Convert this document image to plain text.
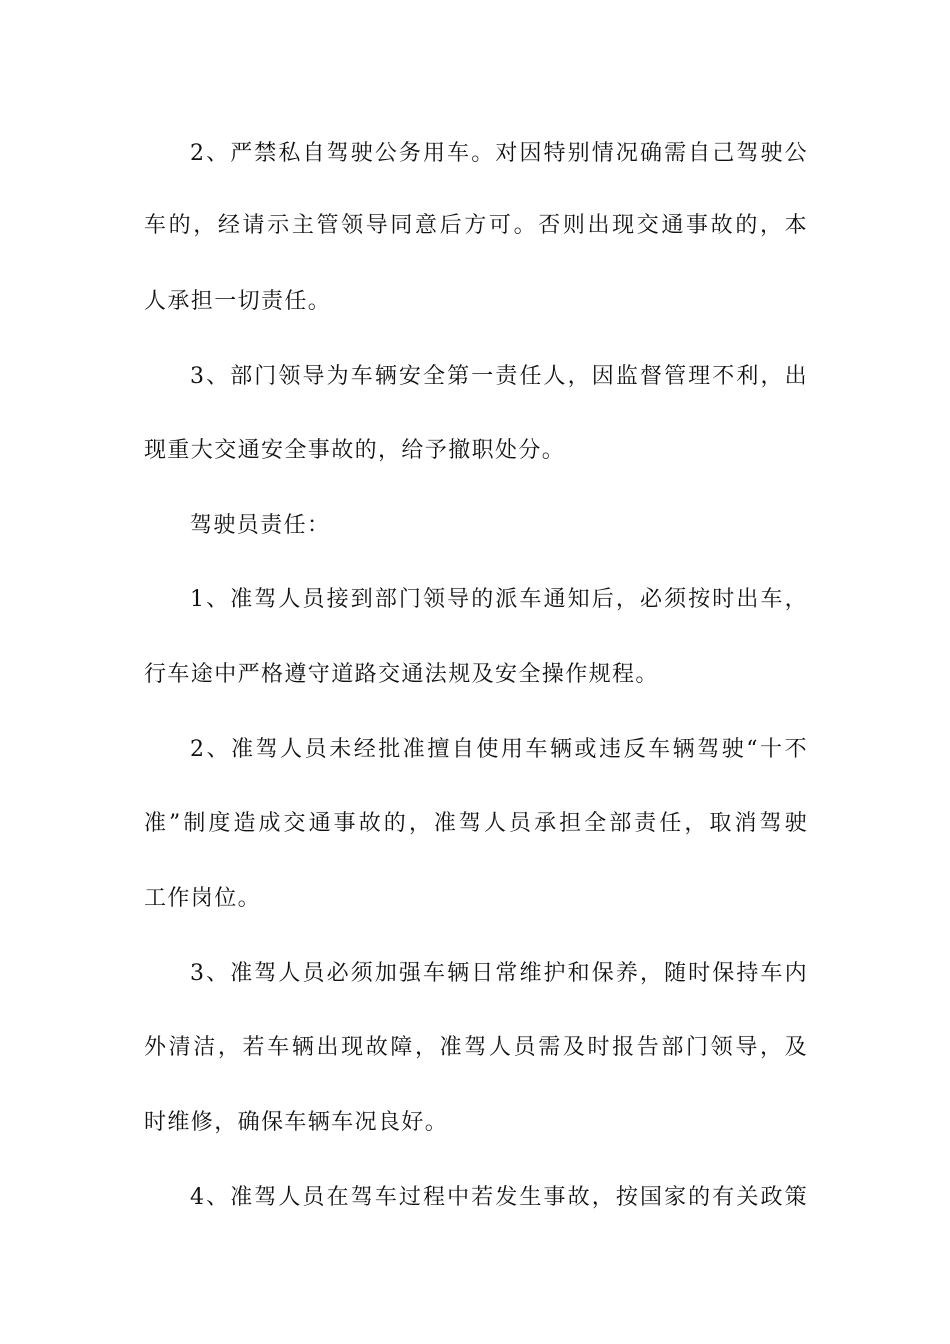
2、严禁私自驾驶公务用车。对因特别情况确需自己驾驶公
车的，经请示主管领导同意后方可。否则出现交通事故的，本
人承担一切责任。
3、部门领导为车辆安全第一责任人，因监督管理不利，出
现重大交通安全事故的，给予撤职处分。
驾驶员责任：
1、准驾人员接到部门领导的派车通知后，必须按时出车，
行车途中严格遵守道路交通法规及安全操作规程。
2、准驾人员未经批准擅自使用车辆或违反车辆驾驶“十不
准”制度造成交通事故的，准驾人员承担全部责任，取消驾驶
工作岗位。
3、准驾人员必须加强车辆日常维护和保养，随时保持车内
外清洁，若车辆出现故障，准驾人员需及时报告部门领导，及
时维修，确保车辆车况良好。
4、准驾人员在驾车过程中若发生事故，按国家的有关政策
